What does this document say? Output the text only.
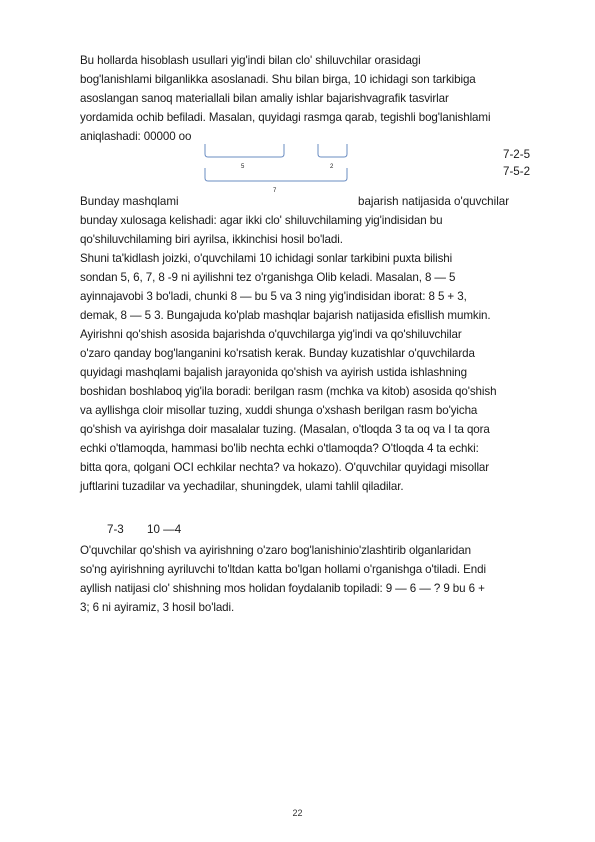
Bu hollarda hisoblash usullari yig'indi bilan clo' shiluvchilar orasidagi
bog'lanishlami bilganlikka asoslanadi. Shu bilan birga, 10 ichidagi son tarkibiga
asoslangan sanoq materiallali bilan amaliy ishlar bajarishvagrafik tasvirlar
yordamida ochib befiladi. Masalan, quyidagi rasmga qarab, tegishli bog'lanishlami
aniqlashadi: 00000 oo

7-2-5
7-5-2
5	2
7
Bunday mashqlami	bajarish natijasida o'quvchilar

bunday xulosaga kelishadi: agar ikki clo' shiluvchilaming yig'indisidan bu
qo'shiluvchilaming biri ayrilsa, ikkinchisi hosil bo'ladi.
Shuni ta'kidlash joizki, o'quvchilami 10 ichidagi sonlar tarkibini puxta bilishi
sondan 5, 6, 7, 8 -9 ni ayilishni tez o'rganishga Olib keladi. Masalan, 8 — 5
ayinnajavobi 3 bo'ladi, chunki 8 — bu 5 va 3 ning yig'indisidan iborat: 8 5 + 3,
demak, 8 — 5 3. Bungajuda ko'plab mashqlar bajarish natijasida efisllish mumkin.
Ayirishni qo'shish asosida bajarishda o'quvchilarga yig'indi va qo'shiluvchilar
o'zaro qanday bog'langanini ko'rsatish kerak. Bunday kuzatishlar o'quvchilarda
quyidagi mashqlami bajalish jarayonida qo'shish va ayirish ustida ishlashning
boshidan boshlaboq yig'ila boradi: berilgan rasm (mchka va kitob) asosida qo'shish
va ayllishga cloir misollar tuzing, xuddi shunga o'xshash berilgan rasm bo'yicha
qo'shish va ayirishga doir masalalar tuzing. (Masalan, o'tloqda 3 ta oq va I ta qora
echki o'tlamoqda, hammasi bo'lib nechta echki o'tlamoqda? O'tloqda 4 ta echki:
bitta qora, qolgani OCI echkilar nechta? va hokazo). O'quvchilar quyidagi misollar
juftlarini tuzadilar va yechadilar, shuningdek, ulami tahlil qiladilar.

7-3 10 —4

O'quvchilar qo'shish va ayirishning o'zaro bog'lanishinio'zlashtirib olganlaridan
so'ng ayirishning ayriluvchi to'ltdan katta bo'lgan hollami o'rganishga o'tiladi. Endi
ayllish natijasi clo' shishning mos holidan foydalanib topiladi: 9 — 6 — ? 9 bu 6 +
3; 6 ni ayiramiz, 3 hosil bo'ladi.

22
